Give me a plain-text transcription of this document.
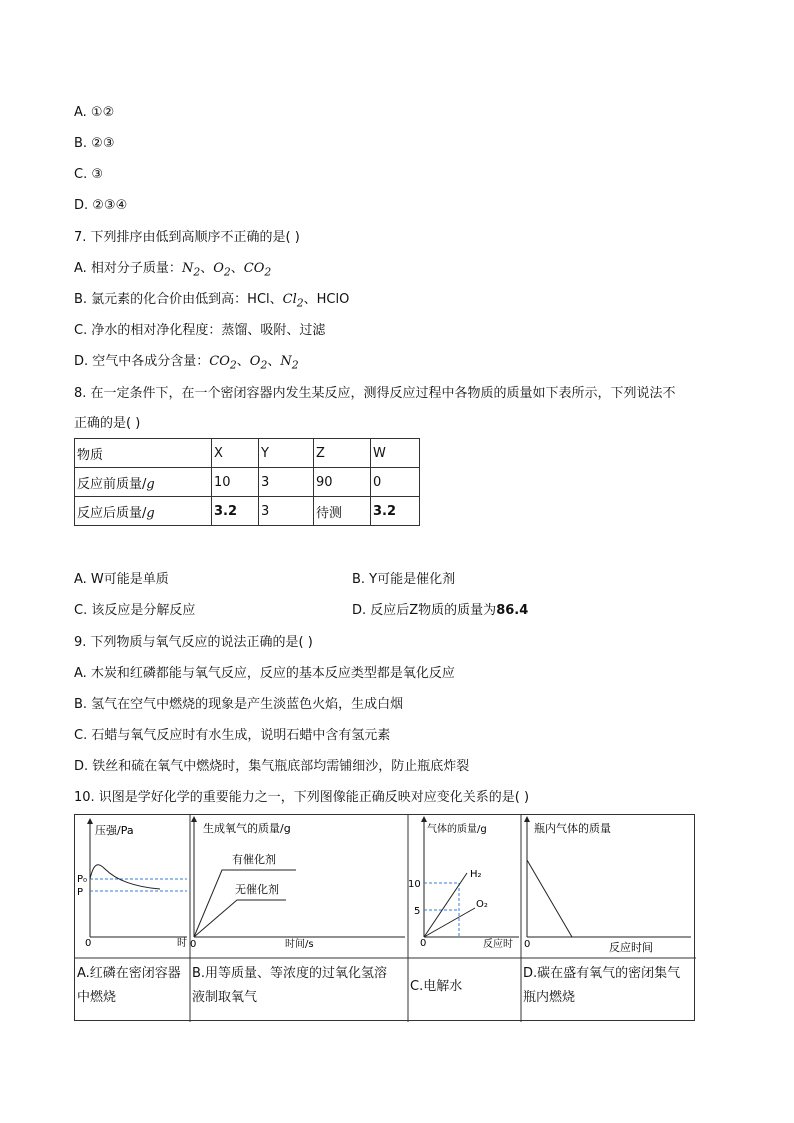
A. ①②
B. ②③
C. ③
D. ②③④
7. 下列排序由低到高顺序不正确的是( )
A. 相对分子质量：$N_2$、$O_2$、$CO_2$
B. 氯元素的化合价由低到高：HCl、$Cl_2$、HClO
C. 净水的相对净化程度：蒸馏、吸附、过滤
D. 空气中各成分含量：$CO_2$、$O_2$、$N_2$
8. 在一定条件下，在一个密闭容器内发生某反应，测得反应过程中各物质的质量如下表所示，下列说法不
正确的是( )
物质	X	Y	Z	W
反应前质量/g	10	3	90	0
反应后质量/g	3.2	3	待测	3.2
A. W可能是单质	B. Y可能是催化剂
C. 该反应是分解反应	D. 反应后Z物质的质量为86.4
9. 下列物质与氧气反应的说法正确的是( )
A. 木炭和红磷都能与氧气反应，反应的基本反应类型都是氧化反应
B. 氢气在空气中燃烧的现象是产生淡蓝色火焰，生成白烟
C. 石蜡与氧气反应时有水生成，说明石蜡中含有氢元素
D. 铁丝和硫在氧气中燃烧时，集气瓶底部均需铺细沙，防止瓶底炸裂
10. 识图是学好化学的重要能力之一，下列图像能正确反映对应变化关系的是( )
压强/Pa
P₀
P
0	时
生成氧气的质量/g
有催化剂
无催化剂
0	时间/s
气体的质量/g
10
5
H₂
O₂
0	反应时
瓶内气体的质量
0	反应时间
A.红磷在密闭容器
中燃烧
B.用等质量、等浓度的过氧化氢溶
液制取氧气
C.电解水
D.碳在盛有氧气的密闭集气
瓶内燃烧
